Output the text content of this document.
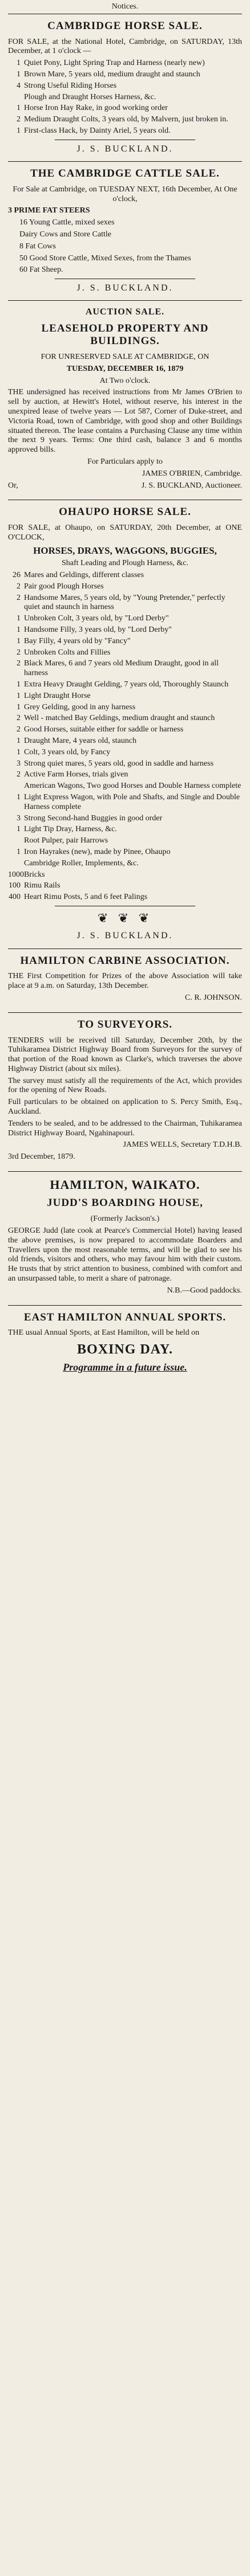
Notices.
CAMBRIDGE HORSE SALE.

FOR SALE, at the National Hotel, Cambridge, on SATURDAY, 13th December, at 1 o'clock —

1 Quiet Pony, Light Spring Trap and Harness (nearly new)
1 Brown Mare, 5 years old, medium draught and staunch
4 Strong Useful Riding Horses
Plough and Draught Horses Harness, &c.
1 Horse Iron Hay Rake, in good working order
2 Medium Draught Colts, 3 years old, by Malvern, just broken in.
1 First-class Hack, by Dainty Ariel, 5 years old.
J. S. BUCKLAND.
THE CAMBRIDGE CATTLE SALE.

For Sale at Cambridge, on TUESDAY NEXT, 16th December, At One o'clock,

3 PRIME FAT STEERS

16 Young Cattle, mixed sexes

Dairy Cows and Store Cattle

8 Fat Cows

50 Good Store Cattle, Mixed Sexes, from the Thames

60 Fat Sheep.

J. S. BUCKLAND.
AUCTION SALE.
LEASEHOLD PROPERTY AND BUILDINGS.

FOR UNRESERVED SALE AT CAMBRIDGE, ON

TUESDAY, DECEMBER 16, 1879

At Two o'clock.

THE undersigned has received instructions from Mr James O'Brien to sell by auction, at Hewitt's Hotel, without reserve, his interest in the unexpired lease of twelve years — Lot 587, Corner of Duke-street, and Victoria Road, town of Cambridge, with good shop and other Buildings situated thereon. The lease contains a Purchasing Clause any time within the next 9 years. Terms: One third cash, balance 3 and 6 months approved bills.

For Particulars apply to

JAMES O'BRIEN, Cambridge.

Or,	J. S. BUCKLAND, Auctioneer.

OHAUPO HORSE SALE.

FOR SALE, at Ohaupo, on SATURDAY, 20th December, at ONE O'CLOCK,

HORSES, DRAYS, WAGGONS, BUGGIES,

Shaft Leading and Plough Harness, &c.

26 Mares and Geldings, different classes
2 Pair good Plough Horses
2 Handsome Mares, 5 years old, by "Young Pretender," perfectly quiet and staunch in harness
1 Unbroken Colt, 3 years old, by "Lord Derby"
1 Handsome Filly, 3 years old, by "Lord Derby"
1 Bay Filly, 4 years old by "Fancy"
2 Unbroken Colts and Fillies
2 Black Mares, 6 and 7 years old Medium Draught, good in all harness
1 Extra Heavy Draught Gelding, 7 years old, Thoroughly Staunch
1 Light Draught Horse
1 Grey Gelding, good in any harness
2 Well - matched Bay Geldings, medium draught and staunch
2 Good Horses, suitable either for saddle or harness
1 Draught Mare, 4 years old, staunch
1 Colt, 3 years old, by Fancy
3 Strong quiet mares, 5 years old, good in saddle and harness
2 Active Farm Horses, trials given
American Wagons, Two good Horses and Double Harness complete
1 Light Express Wagon, with Pole and Shafts, and Single and Double Harness complete
3 Strong Second-hand Buggies in good order
1 Light Tip Dray, Harness, &c.
Root Pulper, pair Harrows
1 Iron Hayrakes (new), made by Pinee, Ohaupo
Cambridge Roller, Implements, &c.
1000 Bricks
100 Rimu Rails
400 Heart Rimu Posts, 5 and 6 feet Palings
❦ ❦ ❦
J. S. BUCKLAND.
HAMILTON CARBINE ASSOCIATION.

THE First Competition for Prizes of the above Association will take place at 9 a.m. on Saturday, 13th December.

C. R. JOHNSON.

TO SURVEYORS.

TENDERS will be received till Saturday, December 20th, by the Tuhikaramea District Highway Board from Surveyors for the survey of that portion of the Road known as Clarke's, which traverses the above Highway District (about six miles).

The survey must satisfy all the requirements of the Act, which provides for the opening of New Roads.

Full particulars to be obtained on application to S. Percy Smith, Esq., Auckland.

Tenders to be sealed, and to be addressed to the Chairman, Tuhikaramea District Highway Board, Ngahinapouri.

JAMES WELLS, Secretary T.D.H.B.

3rd December, 1879.

HAMILTON, WAIKATO.
JUDD'S BOARDING HOUSE,

(Formerly Jackson's.)

GEORGE Judd (late cook at Pearce's Commercial Hotel) having leased the above premises, is now prepared to accommodate Boarders and Travellers upon the most reasonable terms, and will be glad to see his old friends, visitors and others, who may favour him with their custom. He trusts that by strict attention to business, combined with comfort and an unsurpassed table, to merit a share of patronage.

N.B.—Good paddocks.

EAST HAMILTON ANNUAL SPORTS.

THE usual Annual Sports, at East Hamilton, will be held on

BOXING DAY.
Programme in a future issue.
